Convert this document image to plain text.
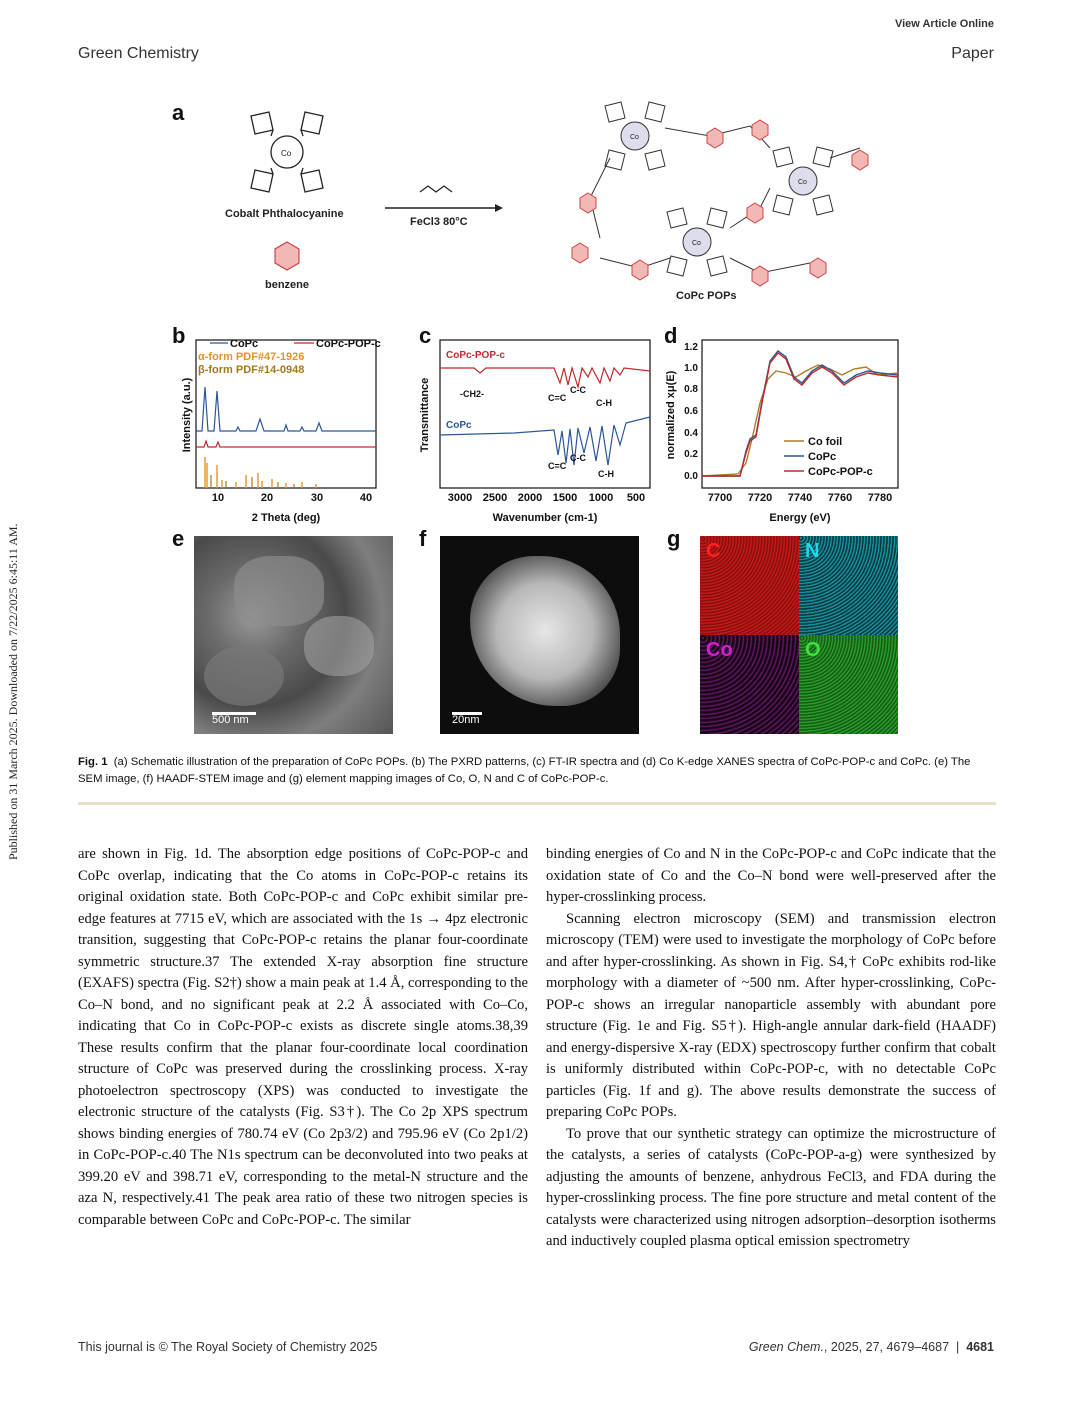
View Article Online
Green Chemistry	Paper
Published on 31 March 2025. Downloaded on 7/22/2025 6:45:11 AM.
a
Co
Cobalt Phthalocyanine
benzene
FeCl3 80°C
Co
Co
Co
CoPc POPs
b	CoPc	CoPc-POP-c
α-form PDF#47-1926
β-form PDF#14-0948
10	20	30	40
2 Theta (deg)
Intensity (a.u.)
c
CoPc-POP-c
-CH2-	C=C
C-C
C-H
CoPc
C=C
C-C
C-H
3000 2500 2000 1500 1000 500
Wavenumber (cm-1)
Transmittance
d
0.0
0.2
0.4
0.6
0.8
1.0
1.2
Co foil
CoPc
CoPc-POP-c
7700 7720 7740 7760 7780
Energy (eV)
normalized xμ(E)
e
500 nm
f
20nm
g C	N
Co	O
Fig. 1 (a) Schematic illustration of the preparation of CoPc POPs. (b) The PXRD patterns, (c) FT-IR spectra and (d) Co K-edge XANES spectra of CoPc-POP-c and CoPc. (e) The SEM image, (f) HAADF-STEM image and (g) element mapping images of Co, O, N and C of CoPc-POP-c.

are shown in Fig. 1d. The absorption edge positions of CoPc-POP-c and CoPc overlap, indicating that the Co atoms in CoPc-POP-c retains its original oxidation state. Both CoPc-POP-c and CoPc exhibit similar pre-edge features at 7715 eV, which are associated with the 1s → 4pz electronic transition, suggesting that CoPc-POP-c retains the planar four-coordinate symmetric structure.37 The extended X-ray absorption fine structure (EXAFS) spectra (Fig. S2†) show a main peak at 1.4 Å, corresponding to the Co–N bond, and no significant peak at 2.2 Å associated with Co–Co, indicating that Co in CoPc-POP-c exists as discrete single atoms.38,39 These results confirm that the planar four-coordinate local coordination structure of CoPc was preserved during the crosslinking process. X-ray photoelectron spectroscopy (XPS) was conducted to investigate the electronic structure of the catalysts (Fig. S3†). The Co 2p XPS spectrum shows binding energies of 780.74 eV (Co 2p3/2) and 795.96 eV (Co 2p1/2) in CoPc-POP-c.40 The N1s spectrum can be deconvoluted into two peaks at 399.20 eV and 398.71 eV, corresponding to the metal-N structure and the aza N, respectively.41 The peak area ratio of these two nitrogen species is comparable between CoPc and CoPc-POP-c. The similar

binding energies of Co and N in the CoPc-POP-c and CoPc indicate that the oxidation state of Co and the Co–N bond were well-preserved after the hyper-crosslinking process.

Scanning electron microscopy (SEM) and transmission electron microscopy (TEM) were used to investigate the morphology of CoPc before and after hyper-crosslinking. As shown in Fig. S4,† CoPc exhibits rod-like morphology with a diameter of ~500 nm. After hyper-crosslinking, CoPc-POP-c shows an irregular nanoparticle assembly with abundant pore structure (Fig. 1e and Fig. S5†). High-angle annular dark-field (HAADF) and energy-dispersive X-ray (EDX) spectroscopy further confirm that cobalt is uniformly distributed within CoPc-POP-c, with no detectable CoPc particles (Fig. 1f and g). The above results demonstrate the success of preparing CoPc POPs.

To prove that our synthetic strategy can optimize the microstructure of the catalysts, a series of catalysts (CoPc-POP-a-g) were synthesized by adjusting the amounts of benzene, anhydrous FeCl3, and FDA during the hyper-crosslinking process. The fine pore structure and metal content of the catalysts were characterized using nitrogen adsorption–desorption isotherms and inductively coupled plasma optical emission spectrometry

This journal is © The Royal Society of Chemistry 2025	Green Chem., 2025, 27, 4679–4687  |  4681
